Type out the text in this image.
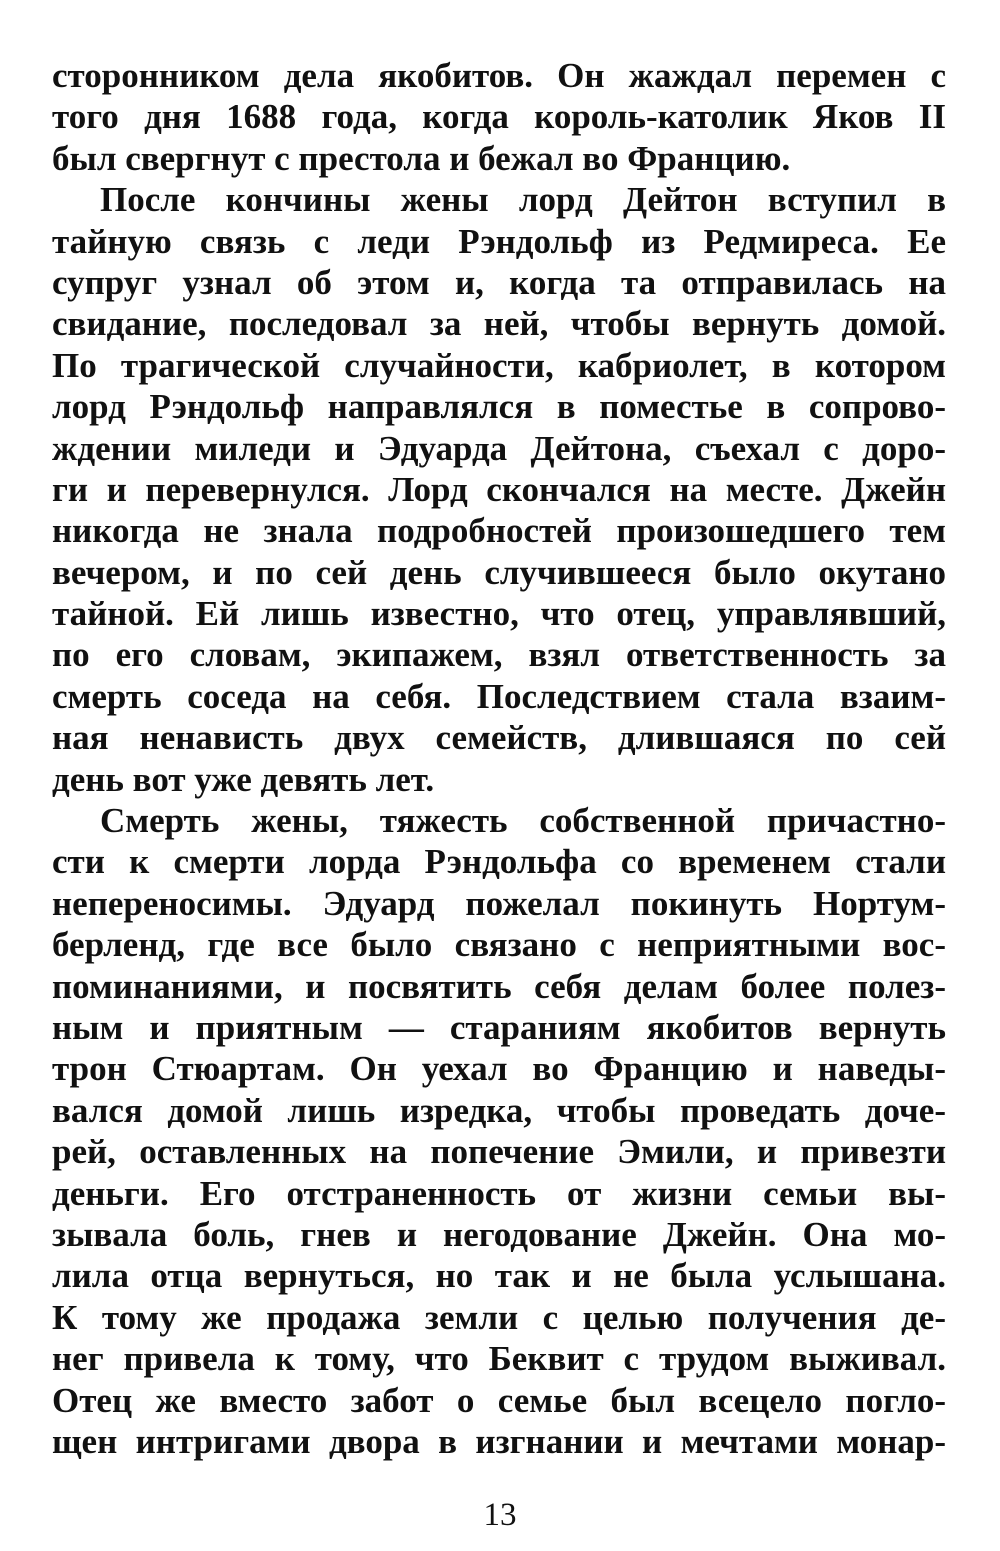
сторонником дела якобитов. Он жаждал перемен с
того дня 1688 года, когда король-католик Яков II
был свергнут с престола и бежал во Францию.
После кончины жены лорд Дейтон вступил в
тайную связь с леди Рэндольф из Редмиреса. Ее
супруг узнал об этом и, когда та отправилась на
свидание, последовал за ней, чтобы вернуть домой.
По трагической случайности, кабриолет, в котором
лорд Рэндольф направлялся в поместье в сопрово-
ждении миледи и Эдуарда Дейтона, съехал с доро-
ги и перевернулся. Лорд скончался на месте. Джейн
никогда не знала подробностей произошедшего тем
вечером, и по сей день случившееся было окутано
тайной. Ей лишь известно, что отец, управлявший,
по его словам, экипажем, взял ответственность за
смерть соседа на себя. Последствием стала взаим-
ная ненависть двух семейств, длившаяся по сей
день вот уже девять лет.
Смерть жены, тяжесть собственной причастно-
сти к смерти лорда Рэндольфа со временем стали
непереносимы. Эдуард пожелал покинуть Нортум-
берленд, где все было связано с неприятными вос-
поминаниями, и посвятить себя делам более полез-
ным и приятным — стараниям якобитов вернуть
трон Стюартам. Он уехал во Францию и наведы-
вался домой лишь изредка, чтобы проведать доче-
рей, оставленных на попечение Эмили, и привезти
деньги. Его отстраненность от жизни семьи вы-
зывала боль, гнев и негодование Джейн. Она мо-
лила отца вернуться, но так и не была услышана.
К тому же продажа земли с целью получения де-
нег привела к тому, что Беквит с трудом выживал.
Отец же вместо забот о семье был всецело погло-
щен интригами двора в изгнании и мечтами монар-
13
